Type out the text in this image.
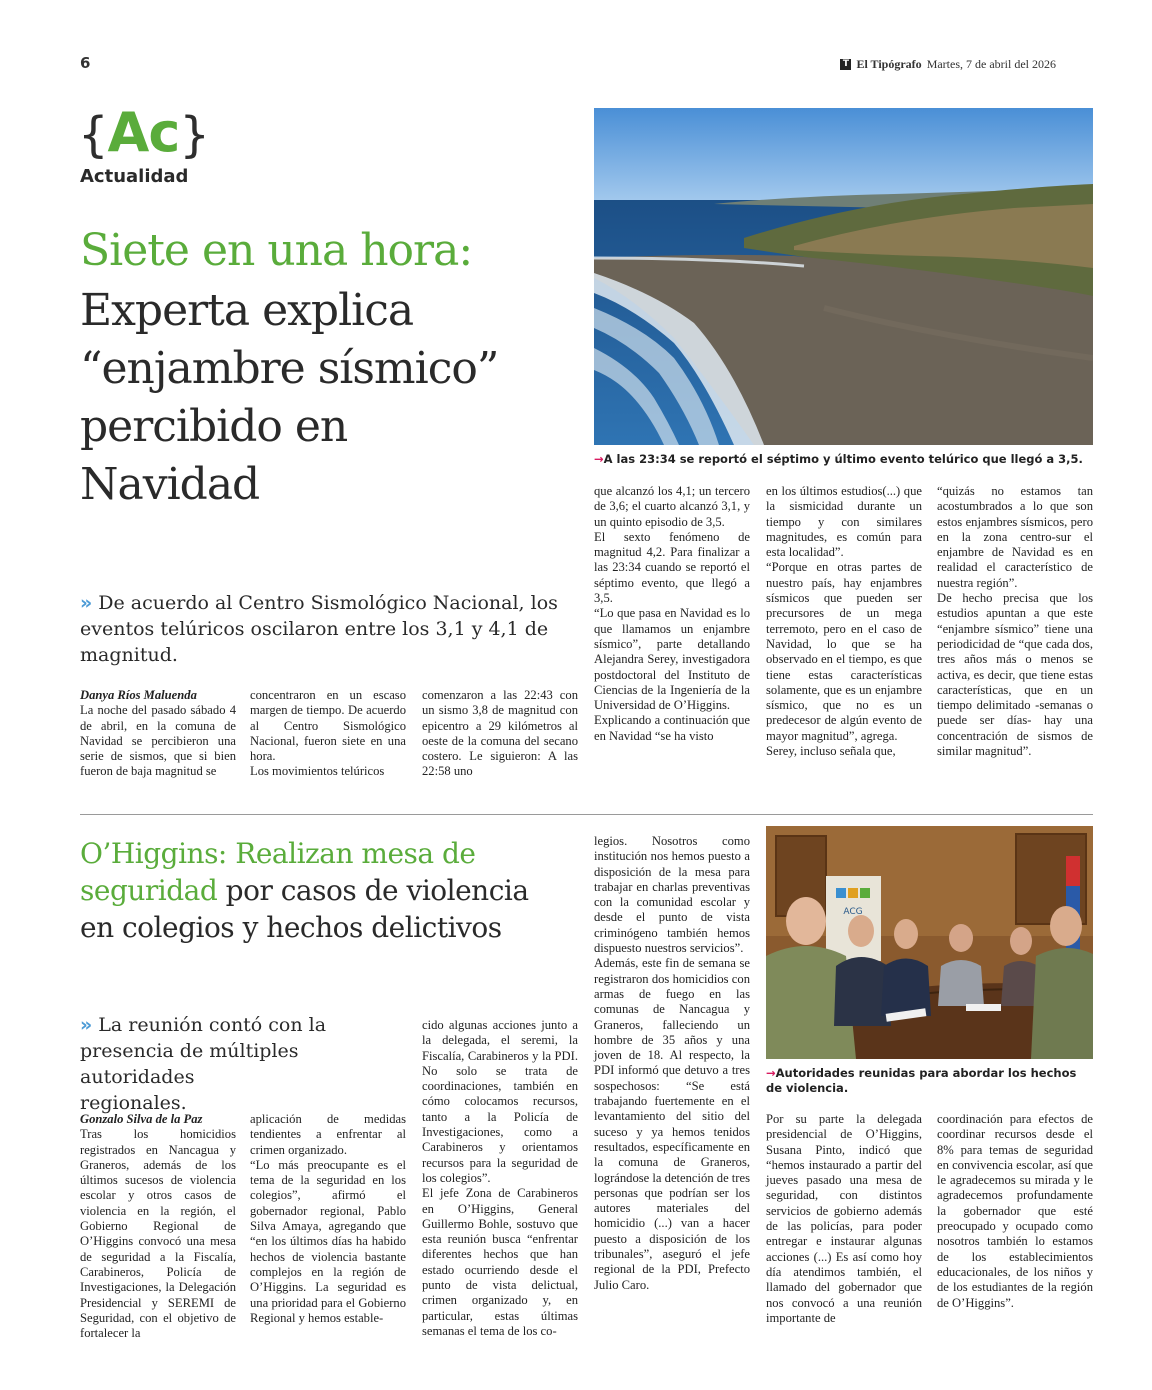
6	T El Tipógrafo Martes, 7 de abril del 2026
{Ac}
Actualidad
Siete en una hora:
Experta explica
“enjambre sísmico”
percibido en
Navidad	→A las 23:34 se reportó el séptimo y último evento telúrico que llegó a 3,5.
» De acuerdo al Centro Sismológico Nacional, los
eventos telúricos oscilaron entre los 3,1 y 4,1 de
magnitud.

Danya Ríos Maluenda

La noche del pasado sábado 4 de abril, en la comuna de Navidad se percibieron una serie de sismos, que si bien fueron de baja magnitud se

concentraron en un escaso margen de tiempo. De acuerdo al Centro Sismológico Nacional, fueron siete en una hora.

Los movimientos telúricos

comenzaron a las 22:43 con un sismo 3,8 de magnitud con epicentro a 29 kilómetros al oeste de la comuna del secano costero. Le siguieron: A las 22:58 uno

que alcanzó los 4,1; un tercero de 3,6; el cuarto alcanzó 3,1, y un quinto episodio de 3,5.

El sexto fenómeno de magnitud 4,2. Para finalizar a las 23:34 cuando se reportó el séptimo evento, que llegó a 3,5.

“Lo que pasa en Navidad es lo que llamamos un enjambre sísmico”, parte detallando Alejandra Serey, investigadora postdoctoral del Instituto de Ciencias de la Ingeniería de la Universidad de O’Higgins.

Explicando a continuación que en Navidad “se ha visto

en los últimos estudios(...) que la sismicidad durante un tiempo y con similares magnitudes, es común para esta localidad”.

“Porque en otras partes de nuestro país, hay enjambres sísmicos que pueden ser precursores de un mega terremoto, pero en el caso de Navidad, lo que se ha observado en el tiempo, es que tiene estas características solamente, que es un enjambre sísmico, que no es un predecesor de algún evento de mayor magnitud”, agrega.

Serey, incluso señala que,

“quizás no estamos tan acostumbrados a lo que son estos enjambres sísmicos, pero en la zona centro-sur el enjambre de Navidad es en realidad el característico de nuestra región”.

De hecho precisa que los estudios apuntan a que este “enjambre sísmico” tiene una periodicidad de “que cada dos, tres años más o menos se activa, es decir, que tiene estas características, que en un tiempo delimitado -semanas o puede ser días- hay una concentración de sismos de similar magnitud”.

O’Higgins: Realizan mesa de
seguridad por casos de violencia
en colegios y hechos delictivos	ACG
→Autoridades reunidas para abordar los hechos de violencia.
» La reunión contó con la
presencia de múltiples autoridades
regionales.

Gonzalo Silva de la Paz

Tras los homicidios registrados en Nancagua y Graneros, además de los últimos sucesos de violencia escolar y otros casos de violencia en la región, el Gobierno Regional de O’Higgins convocó una mesa de seguridad a la Fiscalía, Carabineros, Policía de Investigaciones, la Delegación Presidencial y SEREMI de Seguridad, con el objetivo de fortalecer la

aplicación de medidas tendientes a enfrentar al crimen organizado.

“Lo más preocupante es el tema de la seguridad en los colegios”, afirmó el gobernador regional, Pablo Silva Amaya, agregando que “en los últimos días ha habido hechos de violencia bastante complejos en la región de O’Higgins. La seguridad es una prioridad para el Gobierno Regional y hemos estable-

cido algunas acciones junto a la delegada, el seremi, la Fiscalía, Carabineros y la PDI. No solo se trata de coordinaciones, también en cómo colocamos recursos, tanto a la Policía de Investigaciones, como a Carabineros y orientamos recursos para la seguridad de los colegios”.

El jefe Zona de Carabineros en O’Higgins, General Guillermo Bohle, sostuvo que esta reunión busca “enfrentar diferentes hechos que han estado ocurriendo desde el punto de vista delictual, crimen organizado y, en particular, estas últimas semanas el tema de los co-

legios. Nosotros como institución nos hemos puesto a disposición de la mesa para trabajar en charlas preventivas con la comunidad escolar y desde el punto de vista criminógeno también hemos dispuesto nuestros servicios”.

Además, este fin de semana se registraron dos homicidios con armas de fuego en las comunas de Nancagua y Graneros, falleciendo un hombre de 35 años y una joven de 18. Al respecto, la PDI informó que detuvo a tres sospechosos: “Se está trabajando fuertemente en el levantamiento del sitio del suceso y ya hemos tenidos resultados, específicamente en la comuna de Graneros, lográndose la detención de tres personas que podrían ser los autores materiales del homicidio (...) van a hacer puesto a disposición de los tribunales”, aseguró el jefe regional de la PDI, Prefecto Julio Caro.

Por su parte la delegada presidencial de O’Higgins, Susana Pinto, indicó que “hemos instaurado a partir del jueves pasado una mesa de seguridad, con distintos servicios de gobierno además de las policías, para poder entregar e instaurar algunas acciones (...) Es así como hoy día atendimos también, el llamado del gobernador que nos convocó a una reunión importante de

coordinación para efectos de coordinar recursos desde el 8% para temas de seguridad en convivencia escolar, así que le agradecemos su mirada y le agradecemos profundamente la gobernador que esté preocupado y ocupado como nosotros también lo estamos de los establecimientos educacionales, de los niños y de los estudiantes de la región de O’Higgins”.
